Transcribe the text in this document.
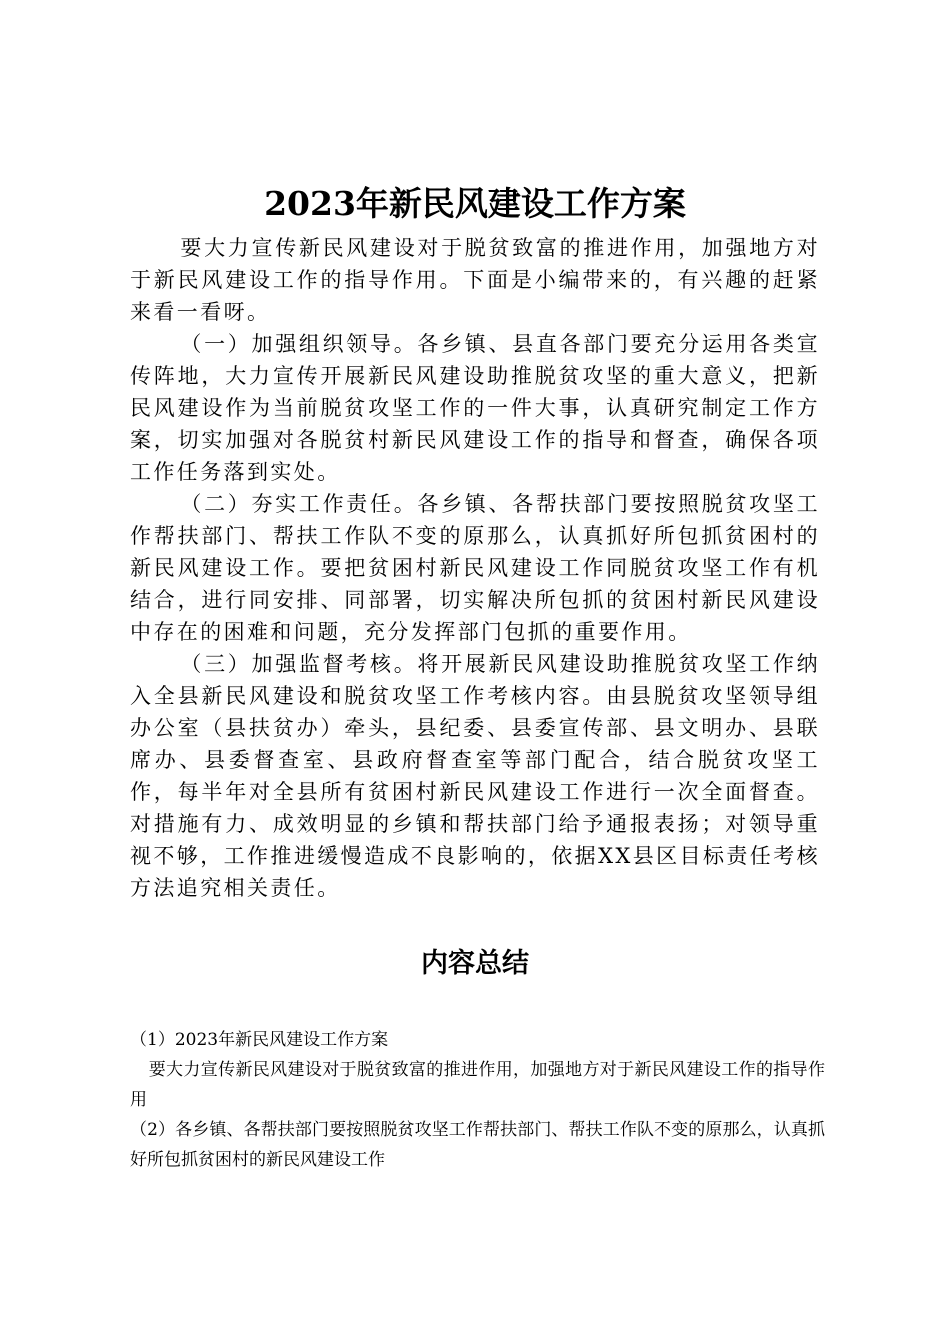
2023年新民风建设工作方案

要大力宣传新民风建设对于脱贫致富的推进作用，加强地方对于新民风建设工作的指导作用。下面是小编带来的，有兴趣的赶紧来看一看呀。

（一）加强组织领导。各乡镇、县直各部门要充分运用各类宣传阵地，大力宣传开展新民风建设助推脱贫攻坚的重大意义，把新民风建设作为当前脱贫攻坚工作的一件大事，认真研究制定工作方案，切实加强对各脱贫村新民风建设工作的指导和督查，确保各项工作任务落到实处。

（二）夯实工作责任。各乡镇、各帮扶部门要按照脱贫攻坚工作帮扶部门、帮扶工作队不变的原那么，认真抓好所包抓贫困村的新民风建设工作。要把贫困村新民风建设工作同脱贫攻坚工作有机结合，进行同安排、同部署，切实解决所包抓的贫困村新民风建设中存在的困难和问题，充分发挥部门包抓的重要作用。

（三）加强监督考核。将开展新民风建设助推脱贫攻坚工作纳入全县新民风建设和脱贫攻坚工作考核内容。由县脱贫攻坚领导组办公室（县扶贫办）牵头，县纪委、县委宣传部、县文明办、县联席办、县委督查室、县政府督查室等部门配合，结合脱贫攻坚工作，每半年对全县所有贫困村新民风建设工作进行一次全面督查。对措施有力、成效明显的乡镇和帮扶部门给予通报表扬；对领导重视不够，工作推进缓慢造成不良影响的，依据XX县区目标责任考核方法追究相关责任。

内容总结

（1）2023年新民风建设工作方案

要大力宣传新民风建设对于脱贫致富的推进作用，加强地方对于新民风建设工作的指导作用

（2）各乡镇、各帮扶部门要按照脱贫攻坚工作帮扶部门、帮扶工作队不变的原那么，认真抓好所包抓贫困村的新民风建设工作
